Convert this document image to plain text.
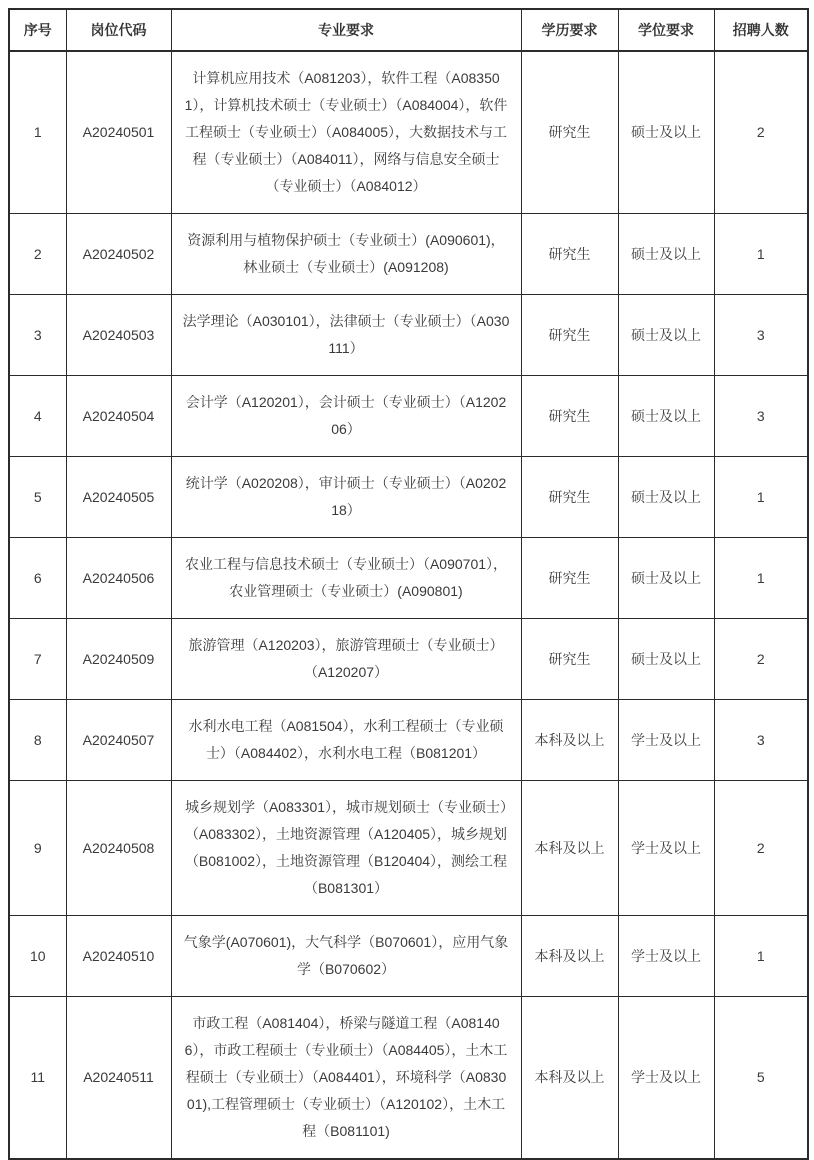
序号	岗位代码	专业要求	学历要求	学位要求	招聘人数
1	A20240501	计算机应用技术（A081203），软件工程（A083501），计算机技术硕士（专业硕士）（A084004），软件工程硕士（专业硕士）（A084005），大数据技术与工程（专业硕士）（A084011），网络与信息安全硕士（专业硕士）（A084012）	研究生	硕士及以上	2
2	A20240502	资源利用与植物保护硕士（专业硕士）(A090601)，林业硕士（专业硕士）(A091208)	研究生	硕士及以上	1
3	A20240503	法学理论（A030101），法律硕士（专业硕士）（A030111）	研究生	硕士及以上	3
4	A20240504	会计学（A120201），会计硕士（专业硕士）（A120206）	研究生	硕士及以上	3
5	A20240505	统计学（A020208），审计硕士（专业硕士）（A020218）	研究生	硕士及以上	1
6	A20240506	农业工程与信息技术硕士（专业硕士）（A090701），农业管理硕士（专业硕士）(A090801)	研究生	硕士及以上	1
7	A20240509	旅游管理（A120203），旅游管理硕士（专业硕士）（A120207）	研究生	硕士及以上	2
8	A20240507	水利水电工程（A081504），水利工程硕士（专业硕士）（A084402），水利水电工程（B081201）	本科及以上	学士及以上	3
9	A20240508	城乡规划学（A083301），城市规划硕士（专业硕士）（A083302），土地资源管理（A120405），城乡规划（B081002），土地资源管理（B120404），测绘工程（B081301）	本科及以上	学士及以上	2
10	A20240510	气象学(A070601)，大气科学（B070601），应用气象学（B070602）	本科及以上	学士及以上	1
11	A20240511	市政工程（A081404），桥梁与隧道工程（A081406），市政工程硕士（专业硕士）（A084405），土木工程硕士（专业硕士）（A084401），环境科学（A083001),工程管理硕士（专业硕士）（A120102），土木工程（B081101)	本科及以上	学士及以上	5
